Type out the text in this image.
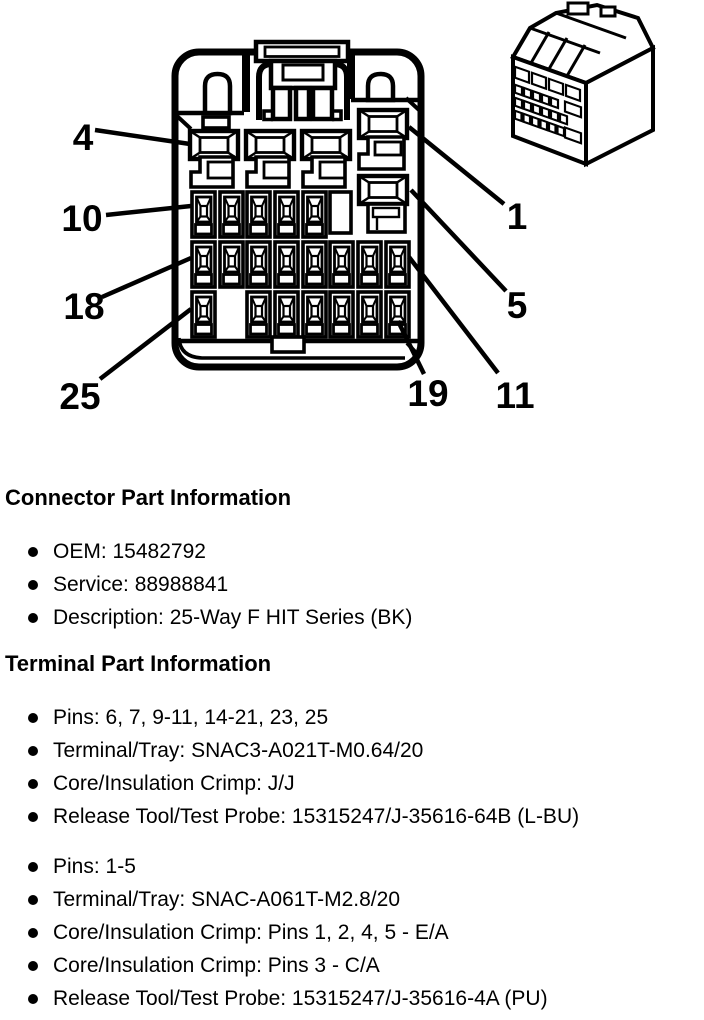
4
10
18
25
1
5
11
19
Connector Part Information
OEM: 15482792
Service: 88988841
Description: 25-Way F HIT Series (BK)
Terminal Part Information
Pins: 6, 7, 9-11, 14-21, 23, 25
Terminal/Tray: SNAC3-A021T-M0.64/20
Core/Insulation Crimp: J/J
Release Tool/Test Probe: 15315247/J-35616-64B (L-BU)
Pins: 1-5
Terminal/Tray: SNAC-A061T-M2.8/20
Core/Insulation Crimp: Pins 1, 2, 4, 5 - E/A
Core/Insulation Crimp: Pins 3 - C/A
Release Tool/Test Probe: 15315247/J-35616-4A (PU)
